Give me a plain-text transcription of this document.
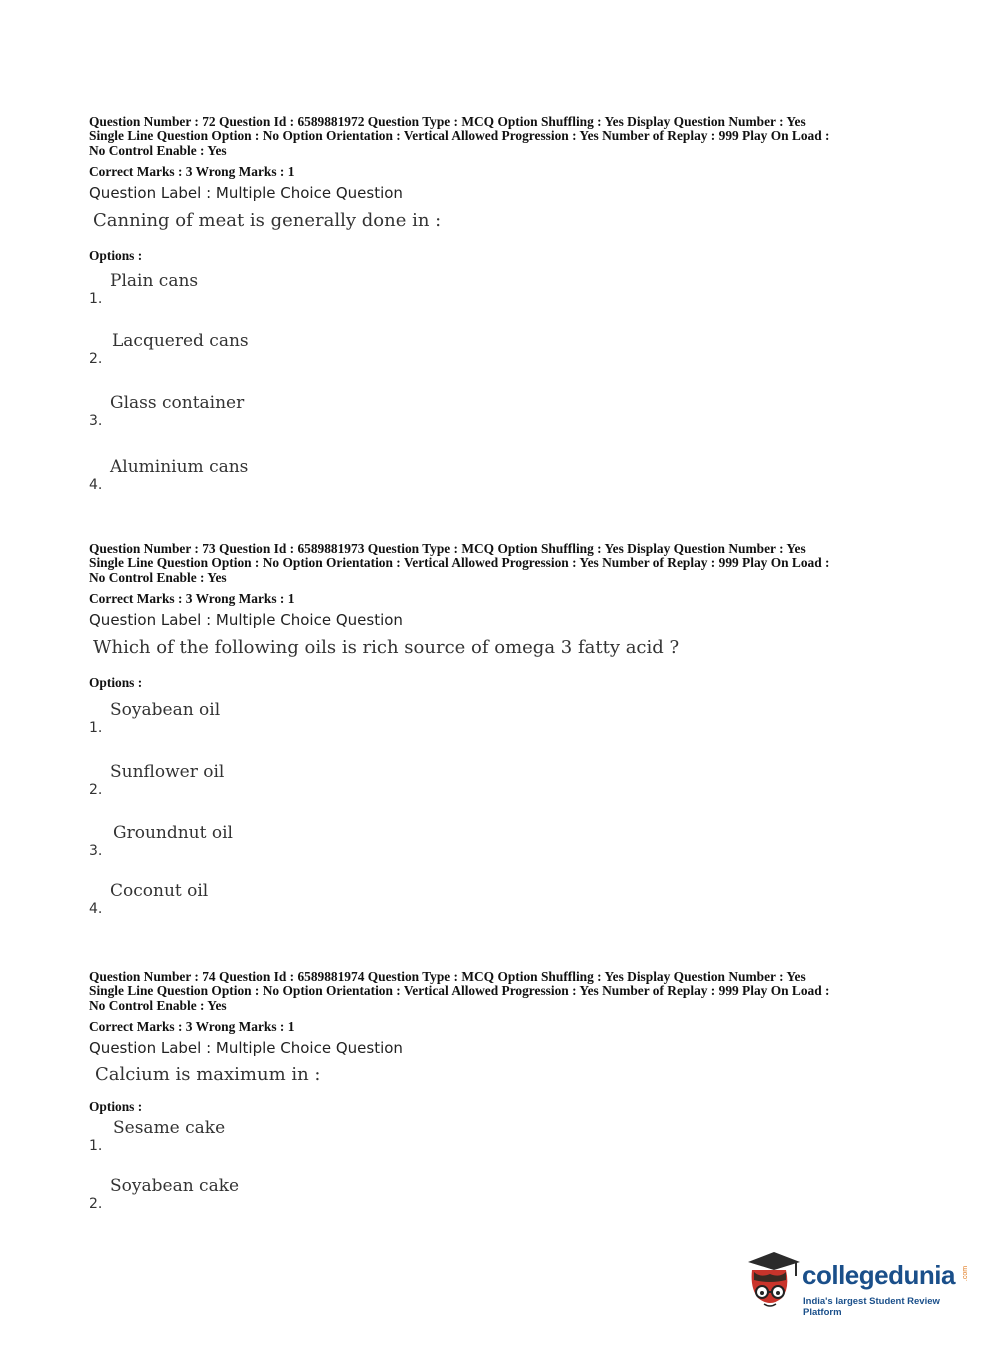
Question Number : 72 Question Id : 6589881972 Question Type : MCQ Option Shuffling : Yes Display Question Number : Yes
Single Line Question Option : No Option Orientation : Vertical Allowed Progression : Yes Number of Replay : 999 Play On Load :
No Control Enable : Yes
Correct Marks : 3 Wrong Marks : 1
Question Label : Multiple Choice Question
Canning of meat is generally done in :
Options :
1.
Plain cans
2.
Lacquered cans
3.
Glass container
4.
Aluminium cans
Question Number : 73 Question Id : 6589881973 Question Type : MCQ Option Shuffling : Yes Display Question Number : Yes
Single Line Question Option : No Option Orientation : Vertical Allowed Progression : Yes Number of Replay : 999 Play On Load :
No Control Enable : Yes
Correct Marks : 3 Wrong Marks : 1
Question Label : Multiple Choice Question
Which of the following oils is rich source of omega 3 fatty acid ?
Options :
1.
Soyabean oil
2.
Sunflower oil
3.
Groundnut oil
4.
Coconut oil
Question Number : 74 Question Id : 6589881974 Question Type : MCQ Option Shuffling : Yes Display Question Number : Yes
Single Line Question Option : No Option Orientation : Vertical Allowed Progression : Yes Number of Replay : 999 Play On Load :
No Control Enable : Yes
Correct Marks : 3 Wrong Marks : 1
Question Label : Multiple Choice Question
Calcium is maximum in :
Options :
1.
Sesame cake
2.
Soyabean cake
collegedunia .com
India's largest Student Review Platform
